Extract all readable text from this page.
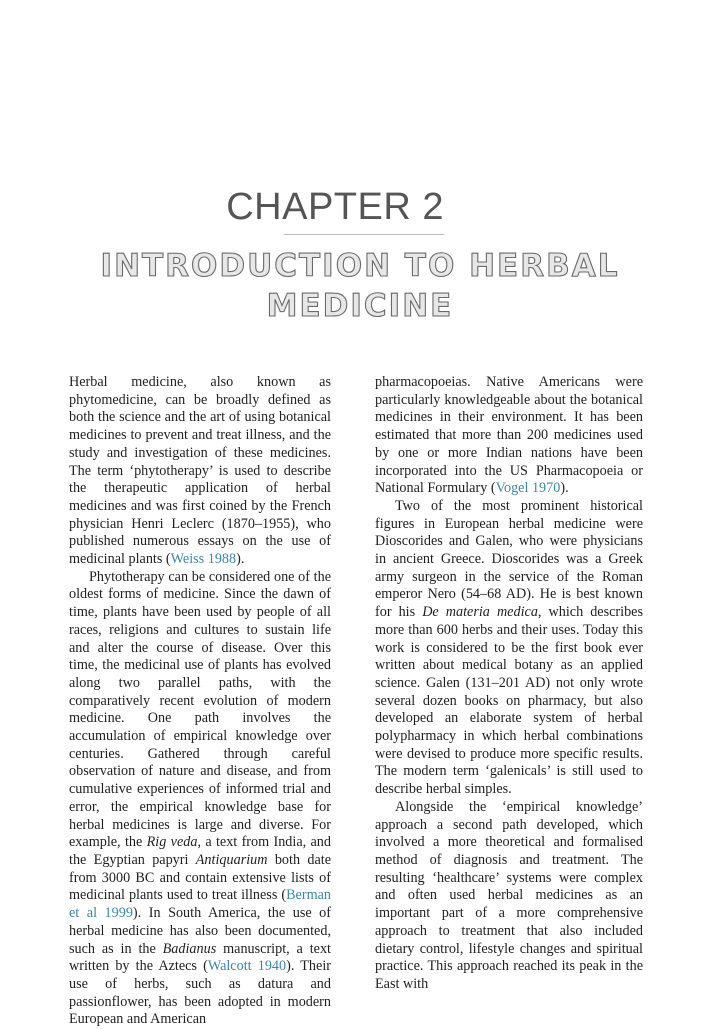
CHAPTER 2
INTRODUCTION TO HERBAL MEDICINE

Herbal medicine, also known as phytomedicine, can be broadly defined as both the science and the art of using botanical medicines to prevent and treat illness, and the study and investigation of these medicines. The term ‘phytotherapy’ is used to describe the therapeutic application of herbal medicines and was first coined by the French physician Henri Leclerc (1870–1955), who published numerous essays on the use of medicinal plants (Weiss 1988).

Phytotherapy can be considered one of the oldest forms of medicine. Since the dawn of time, plants have been used by people of all races, religions and cultures to sustain life and alter the course of disease. Over this time, the medicinal use of plants has evolved along two parallel paths, with the comparatively recent evolution of modern medicine. One path involves the accumulation of empirical knowledge over centuries. Gathered through careful observation of nature and disease, and from cumulative experiences of informed trial and error, the empirical knowledge base for herbal medicines is large and diverse. For example, the Rig veda, a text from India, and the Egyptian papyri Antiquarium both date from 3000 BC and contain extensive lists of medicinal plants used to treat illness (Berman et al 1999). In South America, the use of herbal medicine has also been documented, such as in the Badianus manuscript, a text written by the Aztecs (Walcott 1940). Their use of herbs, such as datura and passionflower, has been adopted in modern European and American

pharmacopoeias. Native Americans were particularly knowledgeable about the botanical medicines in their environment. It has been estimated that more than 200 medicines used by one or more Indian nations have been incorporated into the US Pharmacopoeia or National Formulary (Vogel 1970).

Two of the most prominent historical figures in European herbal medicine were Dioscorides and Galen, who were physicians in ancient Greece. Dioscorides was a Greek army surgeon in the service of the Roman emperor Nero (54–68 AD). He is best known for his De materia medica, which describes more than 600 herbs and their uses. Today this work is considered to be the first book ever written about medical botany as an applied science. Galen (131–201 AD) not only wrote several dozen books on pharmacy, but also developed an elaborate system of herbal polypharmacy in which herbal combinations were devised to produce more specific results. The modern term ‘galenicals’ is still used to describe herbal simples.

Alongside the ‘empirical knowledge’ approach a second path developed, which involved a more theoretical and formalised method of diagnosis and treatment. The resulting ‘healthcare’ systems were complex and often used herbal medicines as an important part of a more comprehensive approach to treatment that also included dietary control, lifestyle changes and spiritual practice. This approach reached its peak in the East with
